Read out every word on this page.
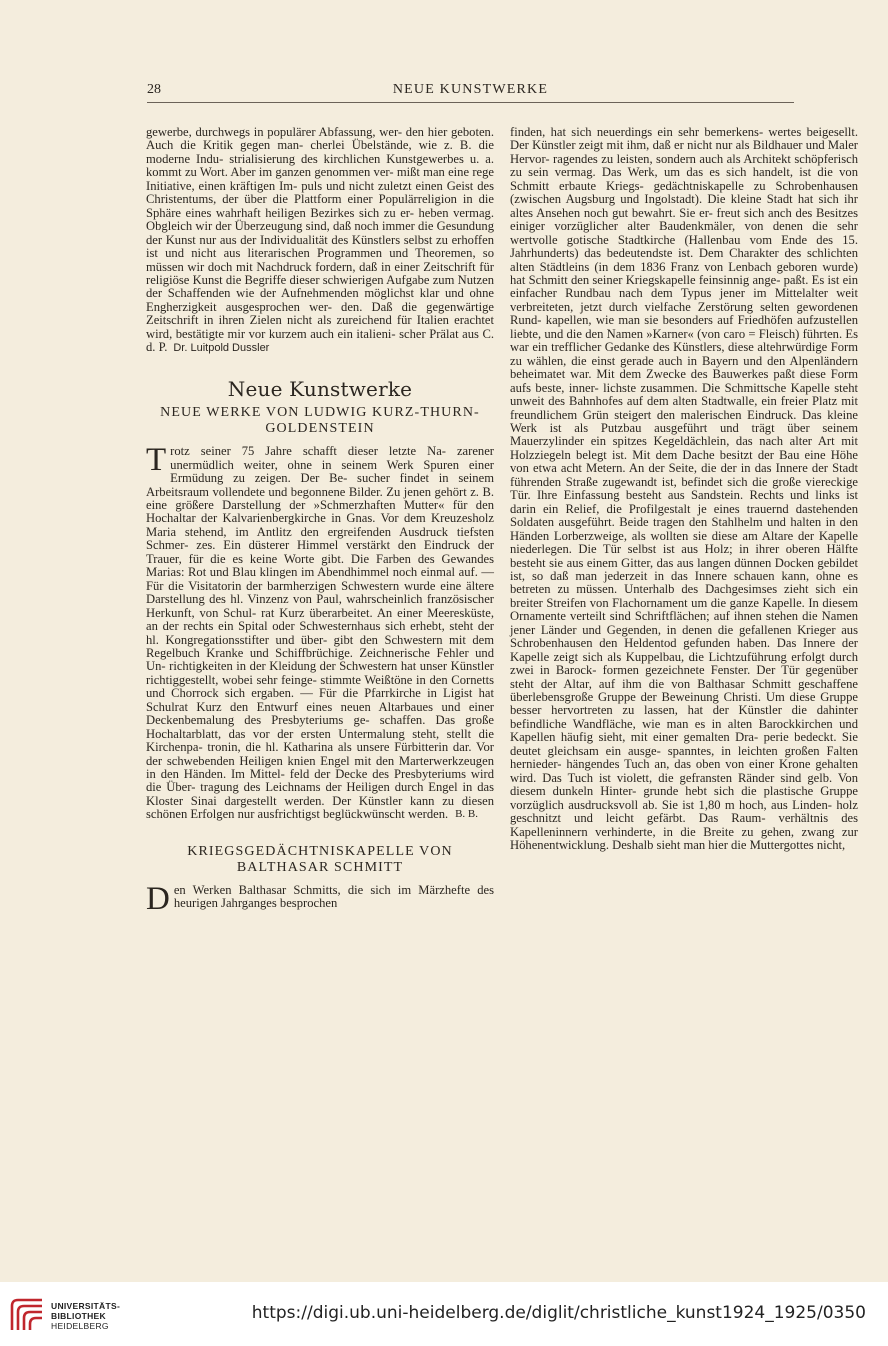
28	NEUE KUNSTWERKE

gewerbe, durchwegs in populärer Abfassung, wer- den hier geboten. Auch die Kritik gegen man- cherlei Übelstände, wie z. B. die moderne Indu- strialisierung des kirchlichen Kunstgewerbes u. a. kommt zu Wort. Aber im ganzen genommen ver- mißt man eine rege Initiative, einen kräftigen Im- puls und nicht zuletzt einen Geist des Christentums, der über die Plattform einer Populärreligion in die Sphäre eines wahrhaft heiligen Bezirkes sich zu er- heben vermag. Obgleich wir der Überzeugung sind, daß noch immer die Gesundung der Kunst nur aus der Individualität des Künstlers selbst zu erhoffen ist und nicht aus literarischen Programmen und Theoremen, so müssen wir doch mit Nachdruck fordern, daß in einer Zeitschrift für religiöse Kunst die Begriffe dieser schwierigen Aufgabe zum Nutzen der Schaffenden wie der Aufnehmenden möglichst klar und ohne Engherzigkeit ausgesprochen wer- den. Daß die gegenwärtige Zeitschrift in ihren Zielen nicht als zureichend für Italien erachtet wird, bestätigte mir vor kurzem auch ein italieni- scher Prälat aus C. d. P. Dr. Luitpold Dussler

Neue Kunstwerke
NEUE WERKE VON LUDWIG KURZ-THURN-GOLDENSTEIN

Trotz seiner 75 Jahre schafft dieser letzte Na- zarener unermüdlich weiter, ohne in seinem Werk Spuren einer Ermüdung zu zeigen. Der Be- sucher findet in seinem Arbeitsraum vollendete und begonnene Bilder. Zu jenen gehört z. B. eine größere Darstellung der »Schmerzhaften Mutter« für den Hochaltar der Kalvarienbergkirche in Gnas. Vor dem Kreuzesholz Maria stehend, im Antlitz den ergreifenden Ausdruck tiefsten Schmer- zes. Ein düsterer Himmel verstärkt den Eindruck der Trauer, für die es keine Worte gibt. Die Farben des Gewandes Marias: Rot und Blau klingen im Abendhimmel noch einmal auf. — Für die Visitatorin der barmherzigen Schwestern wurde eine ältere Darstellung des hl. Vinzenz von Paul, wahrscheinlich französischer Herkunft, von Schul- rat Kurz überarbeitet. An einer Meeresküste, an der rechts ein Spital oder Schwesternhaus sich erhebt, steht der hl. Kongregationsstifter und über- gibt den Schwestern mit dem Regelbuch Kranke und Schiffbrüchige. Zeichnerische Fehler und Un- richtigkeiten in der Kleidung der Schwestern hat unser Künstler richtiggestellt, wobei sehr feinge- stimmte Weißtöne in den Cornetts und Chorrock sich ergaben. — Für die Pfarrkirche in Ligist hat Schulrat Kurz den Entwurf eines neuen Altarbaues und einer Deckenbemalung des Presbyteriums ge- schaffen. Das große Hochaltarblatt, das vor der ersten Untermalung steht, stellt die Kirchenpa- tronin, die hl. Katharina als unsere Fürbitterin dar. Vor der schwebenden Heiligen knien Engel mit den Marterwerkzeugen in den Händen. Im Mittel- feld der Decke des Presbyteriums wird die Über- tragung des Leichnams der Heiligen durch Engel in das Kloster Sinai dargestellt werden. Der Künstler kann zu diesen schönen Erfolgen nur ausfrichtigst beglückwünscht werden. B. B.

KRIEGSGEDÄCHTNISKAPELLE VON BALTHASAR SCHMITT

Den Werken Balthasar Schmitts, die sich im Märzhefte des heurigen Jahrganges besprochen

finden, hat sich neuerdings ein sehr bemerkens- wertes beigesellt. Der Künstler zeigt mit ihm, daß er nicht nur als Bildhauer und Maler Hervor- ragendes zu leisten, sondern auch als Architekt schöpferisch zu sein vermag. Das Werk, um das es sich handelt, ist die von Schmitt erbaute Kriegs- gedächtniskapelle zu Schrobenhausen (zwischen Augsburg und Ingolstadt). Die kleine Stadt hat sich ihr altes Ansehen noch gut bewahrt. Sie er- freut sich anch des Besitzes einiger vorzüglicher alter Baudenkmäler, von denen die sehr wertvolle gotische Stadtkirche (Hallenbau vom Ende des 15. Jahrhunderts) das bedeutendste ist. Dem Charakter des schlichten alten Städtleins (in dem 1836 Franz von Lenbach geboren wurde) hat Schmitt den seiner Kriegskapelle feinsinnig ange- paßt. Es ist ein einfacher Rundbau nach dem Typus jener im Mittelalter weit verbreiteten, jetzt durch vielfache Zerstörung selten gewordenen Rund- kapellen, wie man sie besonders auf Friedhöfen aufzustellen liebte, und die den Namen »Karner« (von caro = Fleisch) führten. Es war ein trefflicher Gedanke des Künstlers, diese altehrwürdige Form zu wählen, die einst gerade auch in Bayern und den Alpenländern beheimatet war. Mit dem Zwecke des Bauwerkes paßt diese Form aufs beste, inner- lichste zusammen. Die Schmittsche Kapelle steht unweit des Bahnhofes auf dem alten Stadtwalle, ein freier Platz mit freundlichem Grün steigert den malerischen Eindruck. Das kleine Werk ist als Putzbau ausgeführt und trägt über seinem Mauerzylinder ein spitzes Kegeldächlein, das nach alter Art mit Holzziegeln belegt ist. Mit dem Dache besitzt der Bau eine Höhe von etwa acht Metern. An der Seite, die der in das Innere der Stadt führenden Straße zugewandt ist, befindet sich die große viereckige Tür. Ihre Einfassung besteht aus Sandstein. Rechts und links ist darin ein Relief, die Profilgestalt je eines trauernd dastehenden Soldaten ausgeführt. Beide tragen den Stahlhelm und halten in den Händen Lorberzweige, als wollten sie diese am Altare der Kapelle niederlegen. Die Tür selbst ist aus Holz; in ihrer oberen Hälfte besteht sie aus einem Gitter, das aus langen dünnen Docken gebildet ist, so daß man jederzeit in das Innere schauen kann, ohne es betreten zu müssen. Unterhalb des Dachgesimses zieht sich ein breiter Streifen von Flachornament um die ganze Kapelle. In diesem Ornamente verteilt sind Schriftflächen; auf ihnen stehen die Namen jener Länder und Gegenden, in denen die gefallenen Krieger aus Schrobenhausen den Heldentod gefunden haben. Das Innere der Kapelle zeigt sich als Kuppelbau, die Lichtzuführung erfolgt durch zwei in Barock- formen gezeichnete Fenster. Der Tür gegenüber steht der Altar, auf ihm die von Balthasar Schmitt geschaffene überlebensgroße Gruppe der Beweinung Christi. Um diese Gruppe besser hervortreten zu lassen, hat der Künstler die dahinter befindliche Wandfläche, wie man es in alten Barockkirchen und Kapellen häufig sieht, mit einer gemalten Dra- perie bedeckt. Sie deutet gleichsam ein ausge- spanntes, in leichten großen Falten hernieder- hängendes Tuch an, das oben von einer Krone gehalten wird. Das Tuch ist violett, die gefransten Ränder sind gelb. Von diesem dunkeln Hinter- grunde hebt sich die plastische Gruppe vorzüglich ausdrucksvoll ab. Sie ist 1,80 m hoch, aus Linden- holz geschnitzt und leicht gefärbt. Das Raum- verhältnis des Kapelleninnern verhinderte, in die Breite zu gehen, zwang zur Höhenentwicklung. Deshalb sieht man hier die Muttergottes nicht,

UNIVERSITÄTS-
BIBLIOTHEK
HEIDELBERG
https://digi.ub.uni-heidelberg.de/diglit/christliche_kunst1924_1925/0350
